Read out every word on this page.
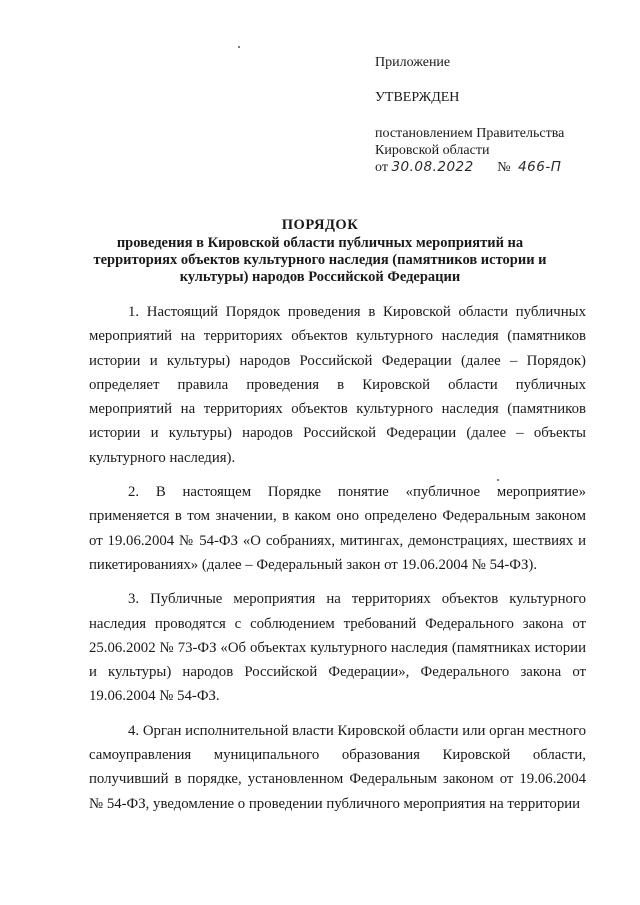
Приложение
УТВЕРЖДЕН
постановлением Правительства
Кировской области
от 30.08.2022 № 466-П
ПОРЯДОК
проведения в Кировской области публичных мероприятий на территориях объектов культурного наследия (памятников истории и культуры) народов Российской Федерации

1. Настоящий Порядок проведения в Кировской области публичных мероприятий на территориях объектов культурного наследия (памятников истории и культуры) народов Российской Федерации (далее – Порядок) определяет правила проведения в Кировской области публичных мероприятий на территориях объектов культурного наследия (памятников истории и культуры) народов Российской Федерации (далее – объекты культурного наследия).

2. В настоящем Порядке понятие «публичное мероприятие» применяется в том значении, в каком оно определено Федеральным законом от 19.06.2004 № 54-ФЗ «О собраниях, митингах, демонстрациях, шествиях и пикетированиях» (далее – Федеральный закон от 19.06.2004 № 54-ФЗ).

3. Публичные мероприятия на территориях объектов культурного наследия проводятся с соблюдением требований Федерального закона от 25.06.2002 № 73-ФЗ «Об объектах культурного наследия (памятниках истории и культуры) народов Российской Федерации», Федерального закона от 19.06.2004 № 54-ФЗ.

4. Орган исполнительной власти Кировской области или орган местного самоуправления муниципального образования Кировской области, получивший в порядке, установленном Федеральным законом от 19.06.2004 № 54-ФЗ, уведомление о проведении публичного мероприятия на территории
